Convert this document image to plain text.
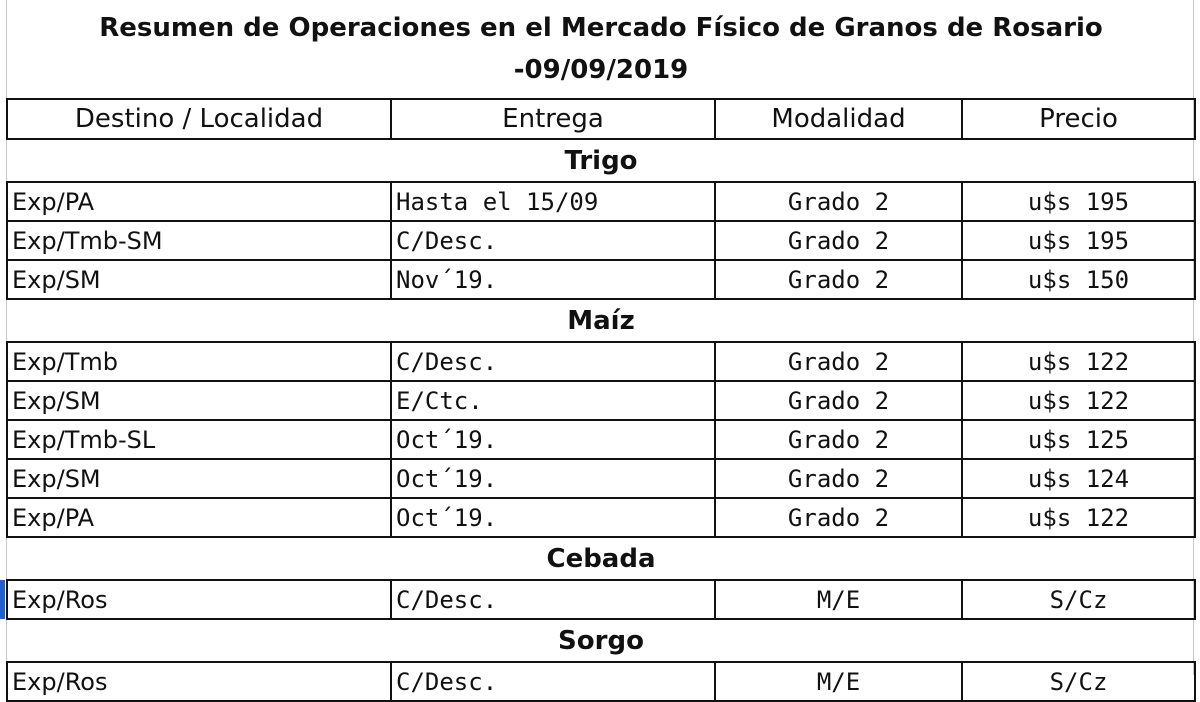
Resumen de Operaciones en el Mercado Físico de Granos de Rosario
-09/09/2019			

Destino / Localidad	Entrega	Modalidad	Precio
Trigo			
Exp/PA	Hasta el 15/09	Grado 2	u$s 195
Exp/Tmb-SM	C/Desc.	Grado 2	u$s 195
Exp/SM	Nov´19.	Grado 2	u$s 150
Maíz			
Exp/Tmb	C/Desc.	Grado 2	u$s 122
Exp/SM	E/Ctc.	Grado 2	u$s 122
Exp/Tmb-SL	Oct´19.	Grado 2	u$s 125
Exp/SM	Oct´19.	Grado 2	u$s 124
Exp/PA	Oct´19.	Grado 2	u$s 122
Cebada			
Exp/Ros	C/Desc.	M/E	S/Cz
Sorgo			
Exp/Ros	C/Desc.	M/E	S/Cz
